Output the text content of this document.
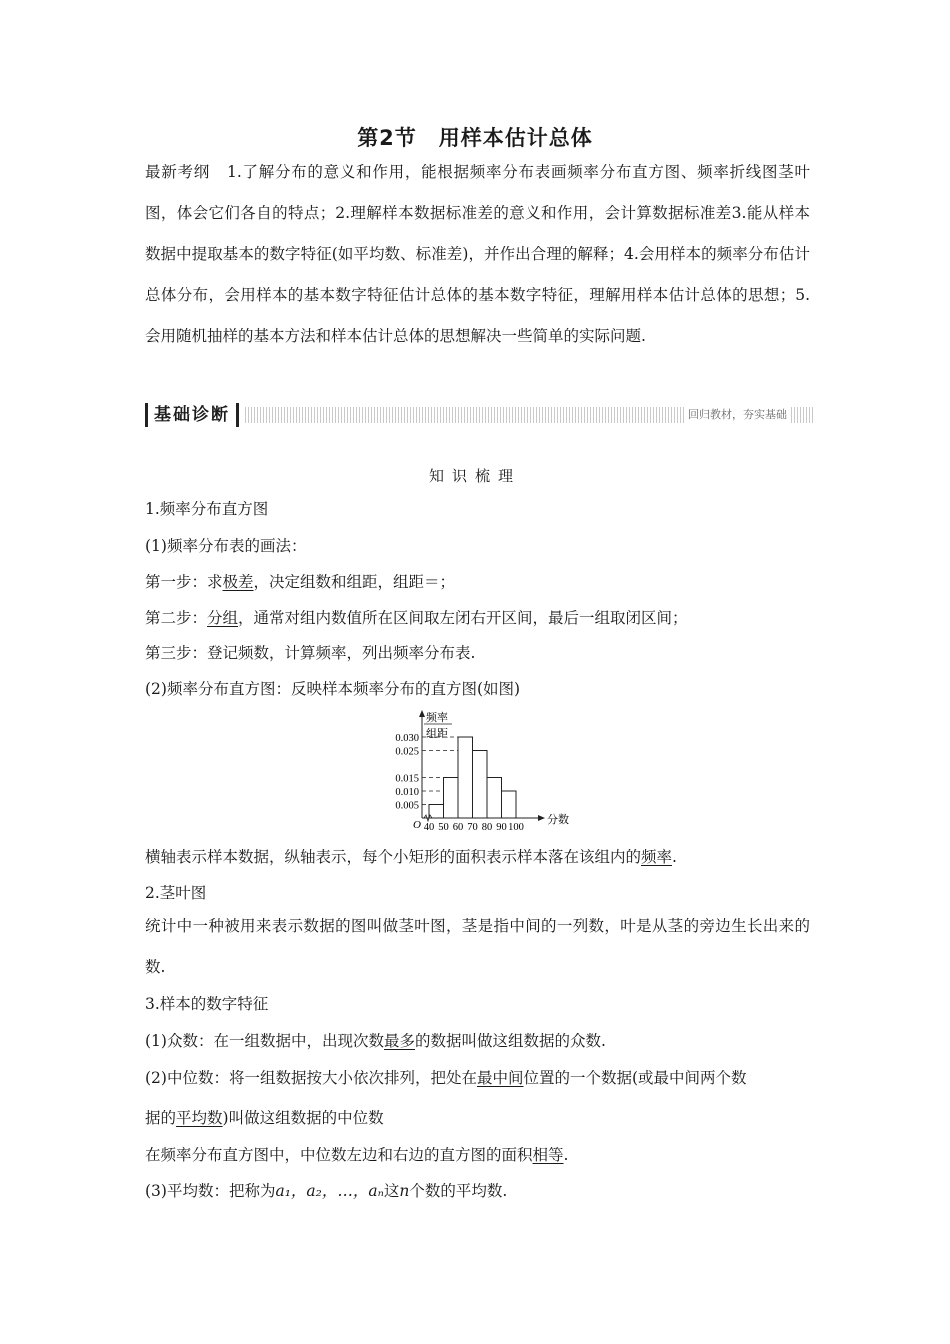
第2节　用样本估计总体
最新考纲 1.了解分布的意义和作用，能根据频率分布表画频率分布直方图、频率折线图茎叶图，体会它们各自的特点；2.理解样本数据标准差的意义和作用，会计算数据标准差3.能从样本数据中提取基本的数字特征(如平均数、标准差)，并作出合理的解释；4.会用样本的频率分布估计总体分布，会用样本的基本数字特征估计总体的基本数字特征，理解用样本估计总体的思想；5.会用随机抽样的基本方法和样本估计总体的思想解决一些简单的实际问题.
基础诊断	回归教材，夯实基础
知识梳理
1.频率分布直方图
(1)频率分布表的画法：
第一步：求极差，决定组数和组距，组距＝；
第二步：分组，通常对组内数值所在区间取左闭右开区间，最后一组取闭区间；
第三步：登记频数，计算频率，列出频率分布表.
(2)频率分布直方图：反映样本频率分布的直方图(如图)
频率
组距
0.005
0.010
0.015
0.025
0.030
40 50 60 70 80 90 100
O	分数
横轴表示样本数据，纵轴表示，每个小矩形的面积表示样本落在该组内的频率.
2.茎叶图
统计中一种被用来表示数据的图叫做茎叶图，茎是指中间的一列数，叶是从茎的旁边生长出来的数.
3.样本的数字特征
(1)众数：在一组数据中，出现次数最多的数据叫做这组数据的众数.
(2)中位数：将一组数据按大小依次排列，把处在最中间位置的一个数据(或最中间两个数
据的平均数)叫做这组数据的中位数
在频率分布直方图中，中位数左边和右边的直方图的面积相等.
(3)平均数：把称为a₁，a₂，…，aₙ这n个数的平均数.
